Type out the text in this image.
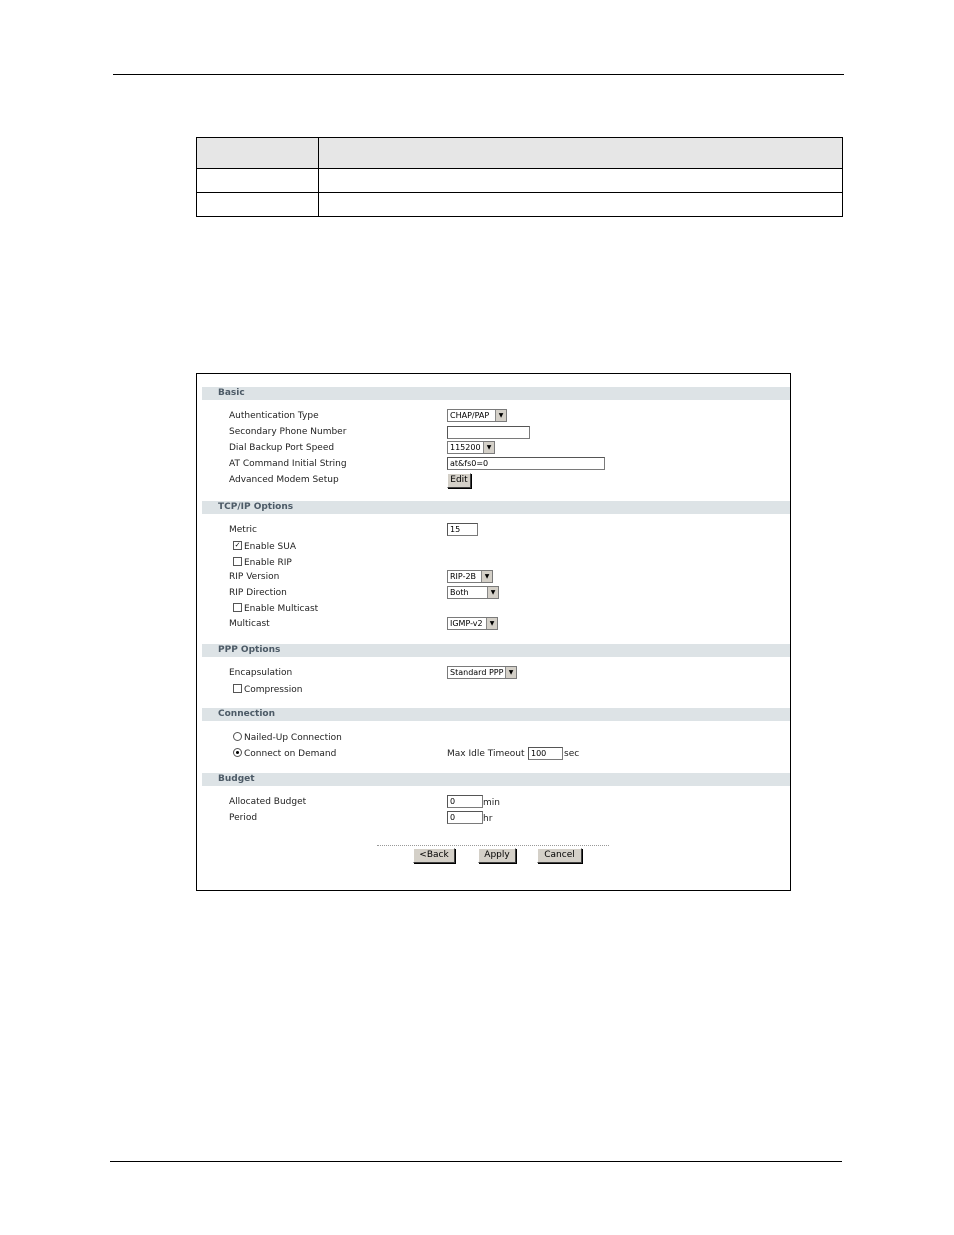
Basic
Authentication Type	CHAP/PAP	▼
Secondary Phone Number
Dial Backup Port Speed	115200	▼
AT Command Initial String	at&fs0=0
Advanced Modem Setup	Edit
TCP/IP Options
Metric	15
✓ Enable SUA
Enable RIP
RIP Version	RIP-2B	▼
RIP Direction	Both	▼
Enable Multicast
Multicast	IGMP-v2	▼
PPP Options
Encapsulation	Standard PPP ▼
Compression
Connection
Nailed-Up Connection
Connect on Demand	Max Idle Timeout 100	sec
Budget
Allocated Budget	0	min
Period	0	hr
<Back	Apply	Cancel
